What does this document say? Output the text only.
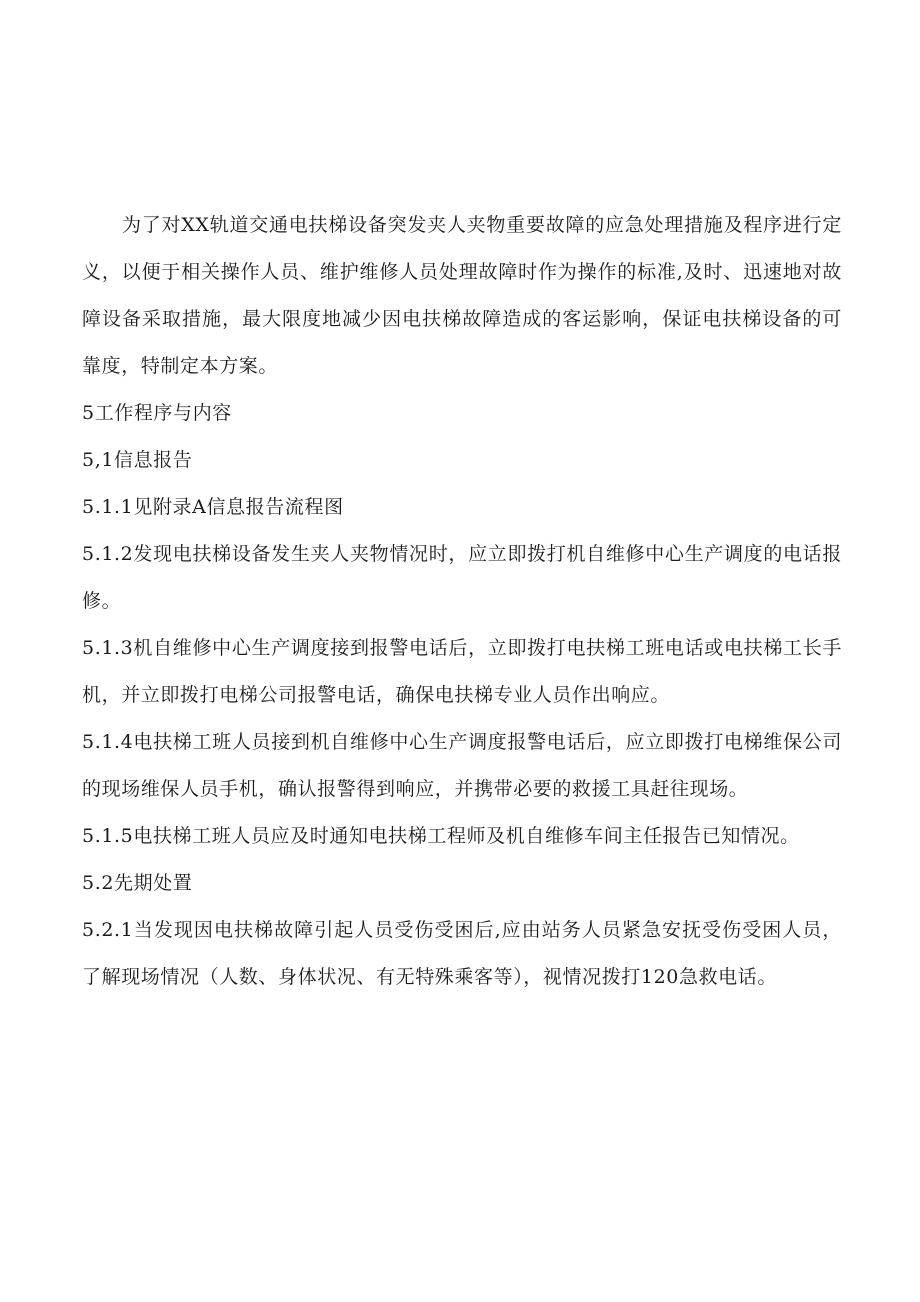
为了对XX轨道交通电扶梯设备突发夹人夹物重要故障的应急处理措施及程序进行定义，以便于相关操作人员、维护维修人员处理故障时作为操作的标准,及时、迅速地对故障设备采取措施，最大限度地减少因电扶梯故障造成的客运影响，保证电扶梯设备的可靠度，特制定本方案。

5工作程序与内容

5,1信息报告

5.1.1见附录A信息报告流程图

5.1.2发现电扶梯设备发生夹人夹物情况时，应立即拨打机自维修中心生产调度的电话报修。

5.1.3机自维修中心生产调度接到报警电话后，立即拨打电扶梯工班电话或电扶梯工长手机，并立即拨打电梯公司报警电话，确保电扶梯专业人员作出响应。

5.1.4电扶梯工班人员接到机自维修中心生产调度报警电话后，应立即拨打电梯维保公司的现场维保人员手机，确认报警得到响应，并携带必要的救援工具赶往现场。

5.1.5电扶梯工班人员应及时通知电扶梯工程师及机自维修车间主任报告已知情况。

5.2先期处置

5.2.1当发现因电扶梯故障引起人员受伤受困后,应由站务人员紧急安抚受伤受困人员，了解现场情况（人数、身体状况、有无特殊乘客等），视情况拨打120急救电话。
